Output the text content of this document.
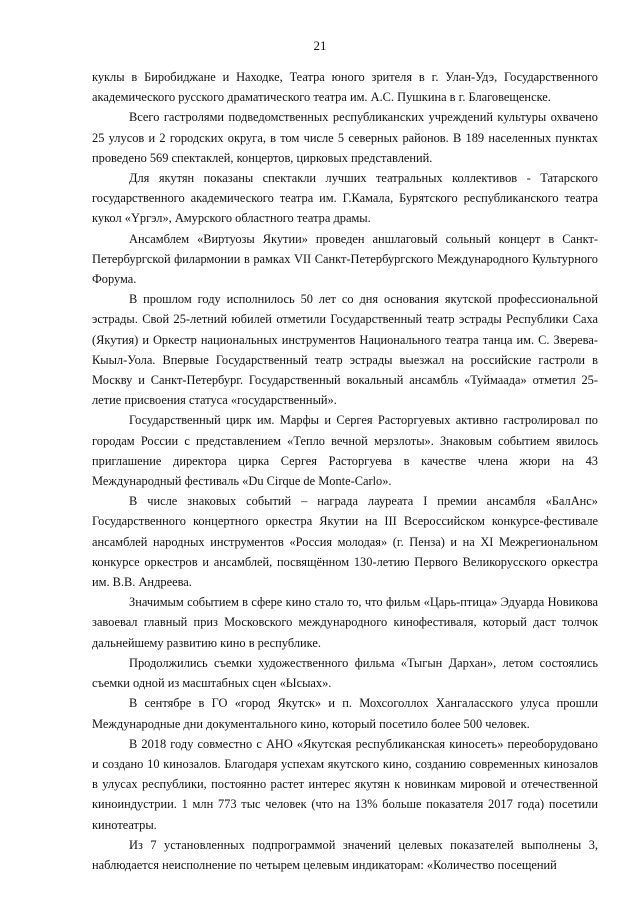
21

куклы в Биробиджане и Находке, Театра юного зрителя в г. Улан-Удэ, Государственного академического русского драматического театра им. А.С. Пушкина в г. Благовещенске.

Всего гастролями подведомственных республиканских учреждений культуры охвачено 25 улусов и 2 городских округа, в том числе 5 северных районов. В 189 населенных пунктах проведено 569 спектаклей, концертов, цирковых представлений.

Для якутян показаны спектакли лучших театральных коллективов - Татарского государственного академического театра им. Г.Камала, Бурятского республиканского театра кукол «Үргэл», Амурского областного театра драмы.

Ансамблем «Виртуозы Якутии» проведен аншлаговый сольный концерт в Санкт-Петербургской филармонии в рамках VII Санкт-Петербургского Международного Культурного Форума.

В прошлом году исполнилось 50 лет со дня основания якутской профессиональной эстрады. Свой 25-летний юбилей отметили Государственный театр эстрады Республики Саха (Якутия) и Оркестр национальных инструментов Национального театра танца им. С. Зверева-Кыыл-Уола. Впервые Государственный театр эстрады выезжал на российские гастроли в Москву и Санкт-Петербург. Государственный вокальный ансамбль «Туймаада» отметил 25-летие присвоения статуса «государственный».

Государственный цирк им. Марфы и Сергея Расторгуевых активно гастролировал по городам России с представлением «Тепло вечной мерзлоты». Знаковым событием явилось приглашение директора цирка Сергея Расторгуева в качестве члена жюри на 43 Международный фестиваль «Du Cirque de Monte-Carlo».

В числе знаковых событий – награда лауреата I премии ансамбля «БалАнс» Государственного концертного оркестра Якутии на III Всероссийском конкурсе-фестивале ансамблей народных инструментов «Россия молодая» (г. Пенза) и на XI Межрегиональном конкурсе оркестров и ансамблей, посвящённом 130-летию Первого Великорусского оркестра им. В.В. Андреева.

Значимым событием в сфере кино стало то, что фильм «Царь-птица» Эдуарда Новикова завоевал главный приз Московского международного кинофестиваля, который даст толчок дальнейшему развитию кино в республике.

Продолжились съемки художественного фильма «Тыгын Дархан», летом состоялись съемки одной из масштабных сцен «Ысыах».

В сентябре в ГО «город Якутск» и п. Мохсоголлох Хангаласского улуса прошли Международные дни документального кино, который посетило более 500 человек.

В 2018 году совместно с АНО «Якутская республиканская киносеть» переоборудовано и создано 10 кинозалов. Благодаря успехам якутского кино, созданию современных кинозалов в улусах республики, постоянно растет интерес якутян к новинкам мировой и отечественной киноиндустрии. 1 млн 773 тыс человек (что на 13% больше показателя 2017 года) посетили кинотеатры.

Из 7 установленных подпрограммой значений целевых показателей выполнены 3, наблюдается неисполнение по четырем целевым индикаторам: «Количество посещений
